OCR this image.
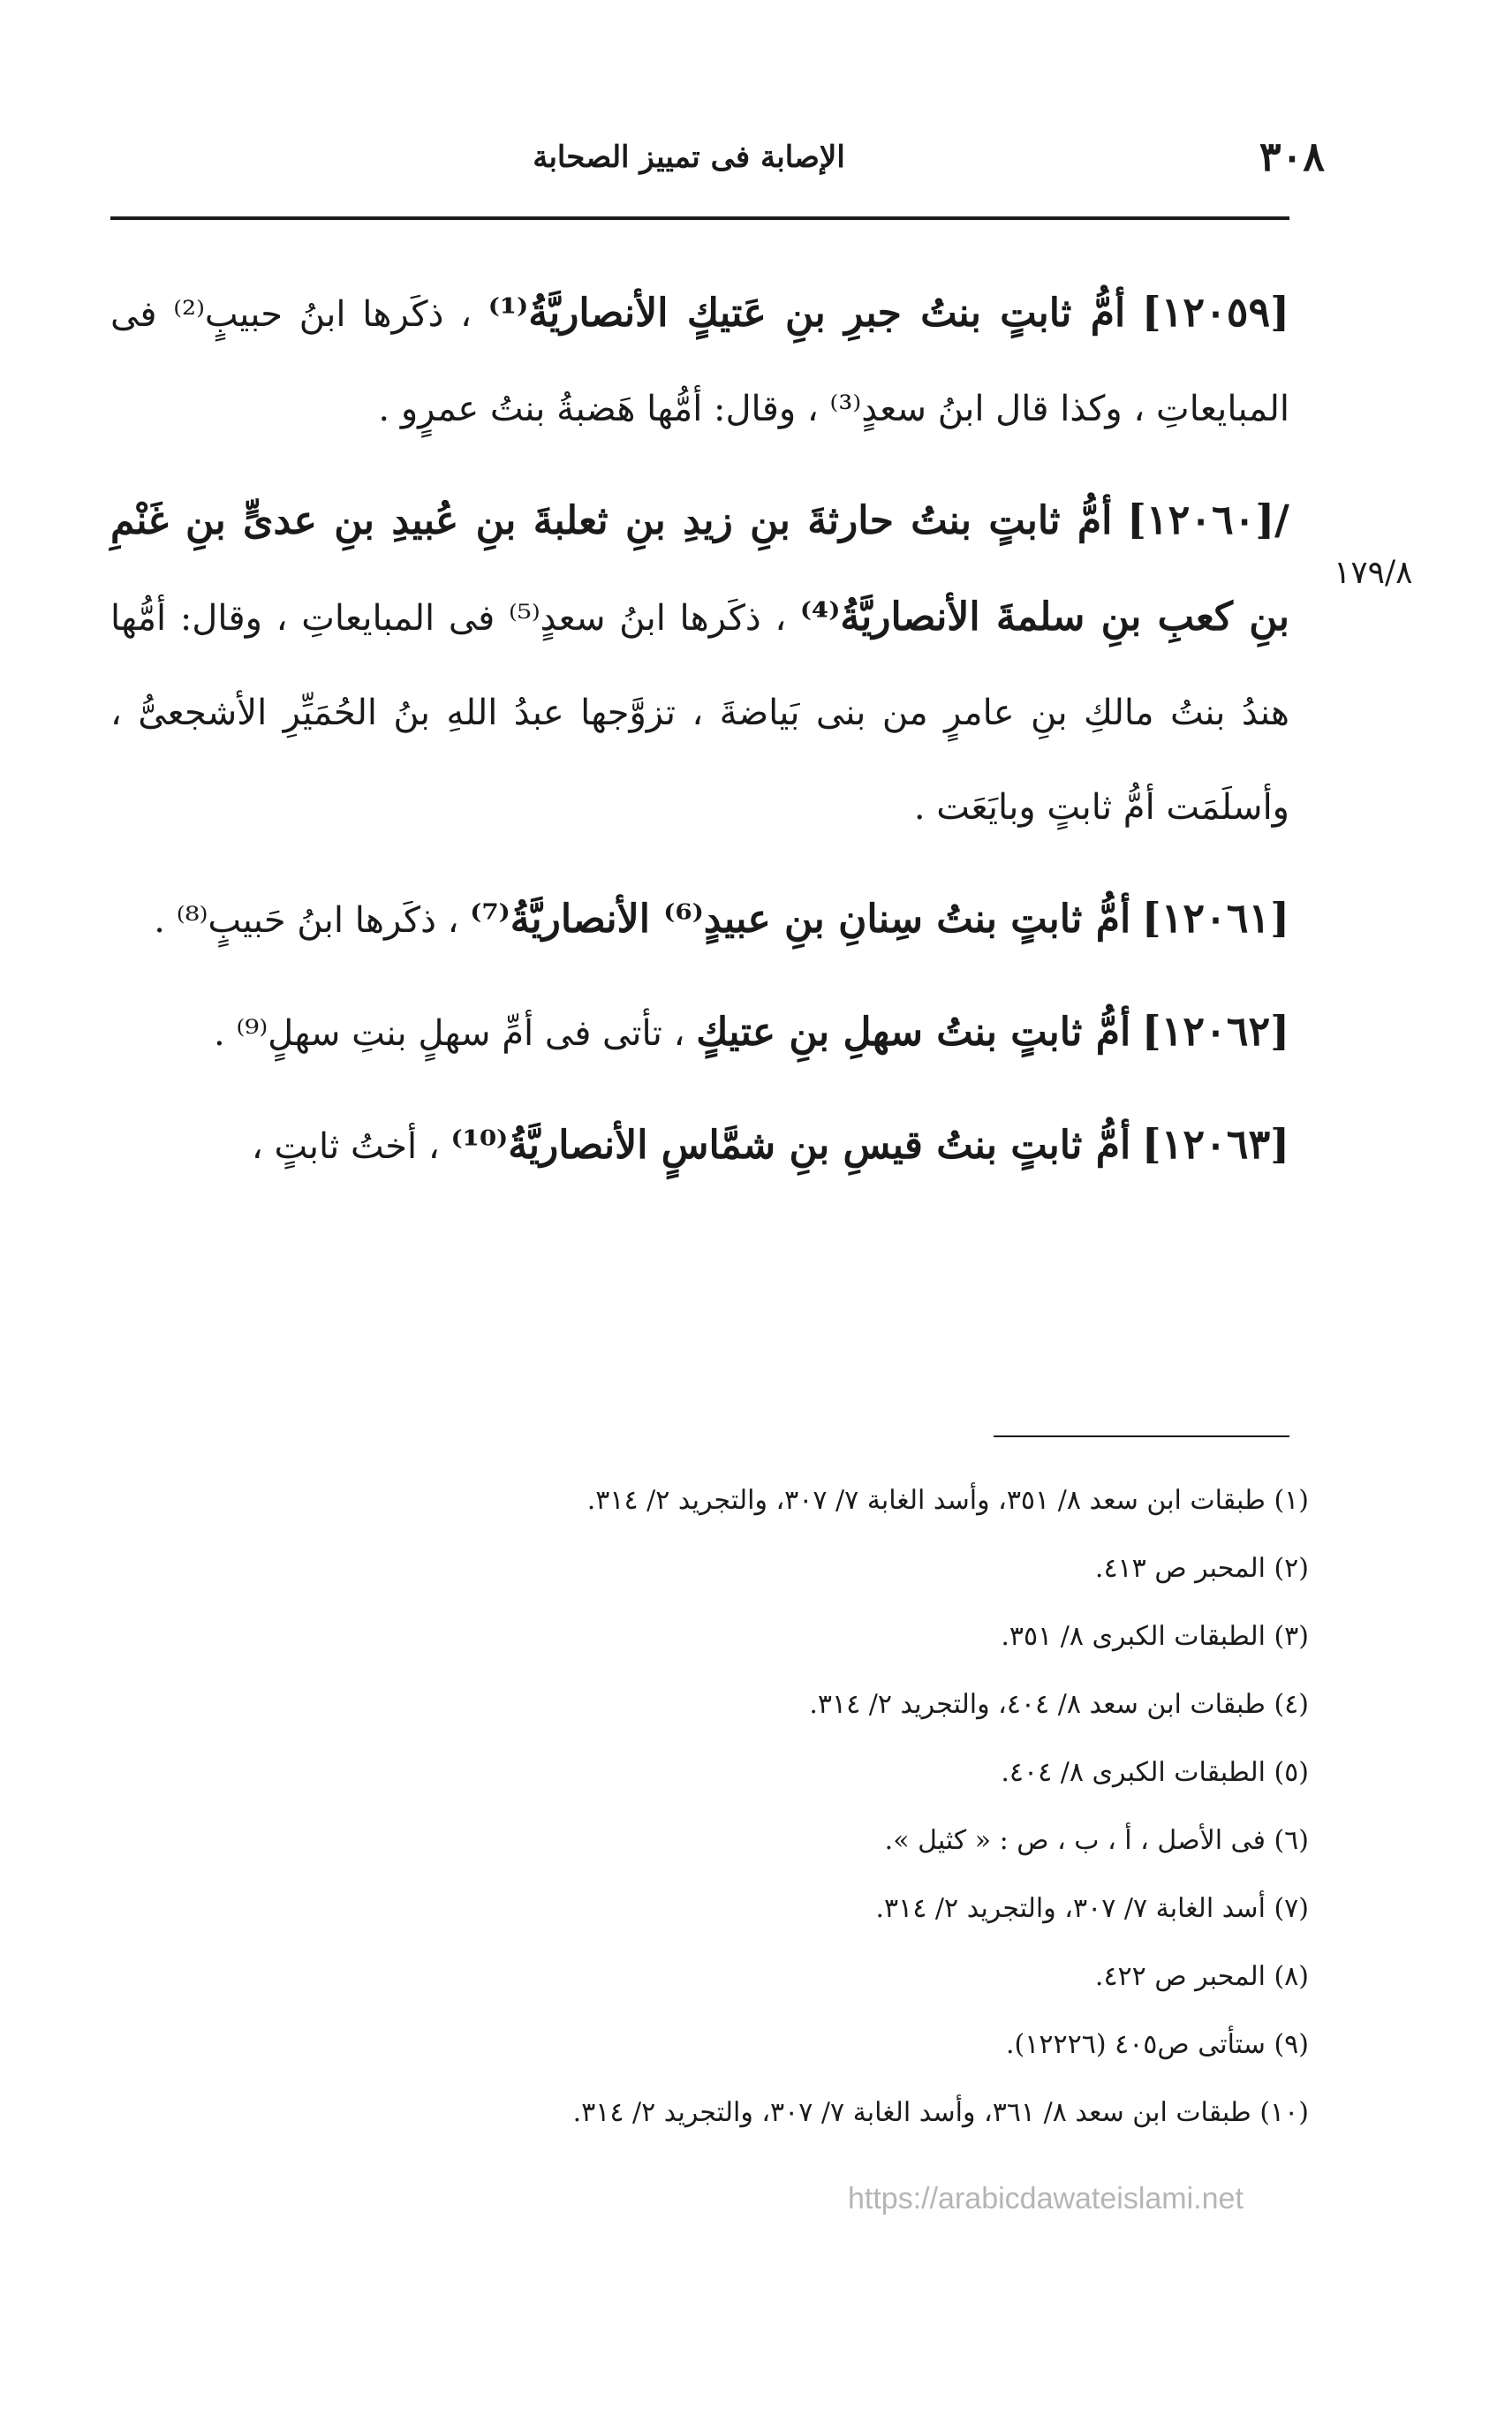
٣٠٨
الإصابة فى تمييز الصحابة
١٧٩/٨

[١٢٠٥٩] أمُّ ثابتٍ بنتُ جبرِ بنِ عَتيكٍ الأنصاريَّةُ⁽¹⁾ ، ذكَرها ابنُ حبيبٍ⁽²⁾ فى المبايعاتِ ، وكذا قال ابنُ سعدٍ⁽³⁾ ، وقال: أمُّها هَضبةُ بنتُ عمرٍو .

/[١٢٠٦٠] أمُّ ثابتٍ بنتُ حارثةَ بنِ زيدِ بنِ ثعلبةَ بنِ عُبيدِ بنِ عدىٍّ بنِ غَنْمِ بنِ كعبِ بنِ سلمةَ الأنصاريَّةُ⁽⁴⁾ ، ذكَرها ابنُ سعدٍ⁽⁵⁾ فى المبايعاتِ ، وقال: أمُّها هندُ بنتُ مالكِ بنِ عامرٍ من بنى بَياضةَ ، تزوَّجها عبدُ اللهِ بنُ الحُمَيِّرِ الأشجعىُّ ، وأسلَمَت أمُّ ثابتٍ وبايَعَت .

[١٢٠٦١] أمُّ ثابتٍ بنتُ سِنانِ بنِ عبيدٍ⁽⁶⁾ الأنصاريَّةُ⁽⁷⁾ ، ذكَرها ابنُ حَبيبٍ⁽⁸⁾ .

[١٢٠٦٢] أمُّ ثابتٍ بنتُ سهلِ بنِ عتيكٍ ، تأتى فى أمِّ سهلٍ بنتِ سهلٍ⁽⁹⁾ .

[١٢٠٦٣] أمُّ ثابتٍ بنتُ قيسِ بنِ شمَّاسٍ الأنصاريَّةُ⁽¹⁰⁾ ، أختُ ثابتٍ ،

(١) طبقات ابن سعد ٨/ ٣٥١، وأسد الغابة ٧/ ٣٠٧، والتجريد ٢/ ٣١٤.
(٢) المحبر ص ٤١٣.
(٣) الطبقات الكبرى ٨/ ٣٥١.
(٤) طبقات ابن سعد ٨/ ٤٠٤، والتجريد ٢/ ٣١٤.
(٥) الطبقات الكبرى ٨/ ٤٠٤.
(٦) فى الأصل ، أ ، ب ، ص : « كثيل ».
(٧) أسد الغابة ٧/ ٣٠٧، والتجريد ٢/ ٣١٤.
(٨) المحبر ص ٤٢٢.
(٩) ستأتى ص٤٠٥ (١٢٢٢٦).
(١٠) طبقات ابن سعد ٨/ ٣٦١، وأسد الغابة ٧/ ٣٠٧، والتجريد ٢/ ٣١٤.
https://arabicdawateislami.net
